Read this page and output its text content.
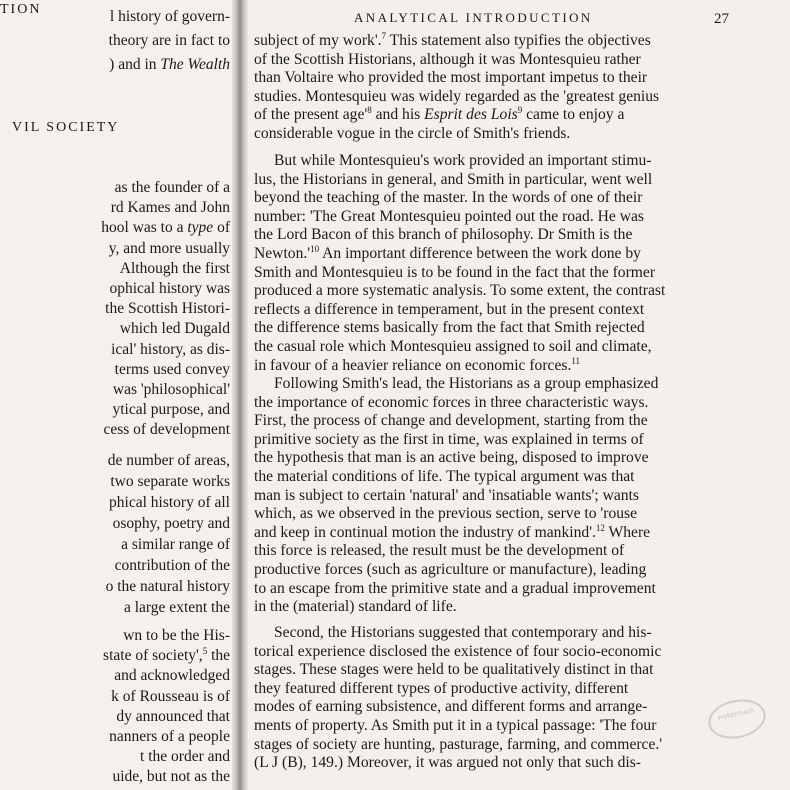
TION
VIL SOCIETY
l history of govern-
theory are in fact to
) and in The Wealth
as the founder of a
rd Kames and John
hool was to a type of
y, and more usually
Although the first
ophical history was
the Scottish Histori-
which led Dugald
ical' history, as dis-
terms used convey
was 'philosophical'
ytical purpose, and
cess of development
de number of areas,
two separate works
phical history of all
osophy, poetry and
a similar range of
contribution of the
o the natural history
a large extent the
wn to be the His-
state of society',$^5$ the
and acknowledged
k of Rousseau is of
dy announced that
nanners of a people
t the order and
uide, but not as the
ANALYTICAL INTRODUCTION	27
subject of my work'.$^7$ This statement also typifies the objectives
of the Scottish Historians, although it was Montesquieu rather
than Voltaire who provided the most important impetus to their
studies. Montesquieu was widely regarded as the 'greatest genius
of the present $age'^8$ and his Esprit des Lois$^9$ came to enjoy a
considerable vogue in the circle of Smith's friends.
But while Montesquieu's work provided an important stimu-
lus, the Historians in general, and Smith in particular, went well
beyond the teaching of the master. In the words of one of their
number: 'The Great Montesquieu pointed out the road. He was
the Lord Bacon of this branch of philosophy. Dr Smith is the
$Newton.'^{10}$ An important difference between the work done by
Smith and Montesquieu is to be found in the fact that the former
produced a more systematic analysis. To some extent, the contrast
reflects a difference in temperament, but in the present context
the difference stems basically from the fact that Smith rejected
the casual role which Montesquieu assigned to soil and climate,
in favour of a heavier reliance on economic forces.$^{11}$
Following Smith's lead, the Historians as a group emphasized
the importance of economic forces in three characteristic ways.
First, the process of change and development, starting from the
primitive society as the first in time, was explained in terms of
the hypothesis that man is an active being, disposed to improve
the material conditions of life. The typical argument was that
man is subject to certain 'natural' and 'insatiable wants'; wants
which, as we observed in the previous section, serve to 'rouse
and keep in continual motion the industry of mankind'.$^{12}$ Where
this force is released, the result must be the development of
productive forces (such as agriculture or manufacture), leading
to an escape from the primitive state and a gradual improvement
in the (material) standard of life.
Second, the Historians suggested that contemporary and his-
torical experience disclosed the existence of four socio-economic
stages. These stages were held to be qualitatively distinct in that
they featured different types of productive activity, different
modes of earning subsistence, and different forms and arrange-
ments of property. As Smith put it in a typical passage: 'The four
stages of society are hunting, pasturage, farming, and commerce.'
(L J (B), 149.) Moreover, it was argued not only that such dis-
watermark
